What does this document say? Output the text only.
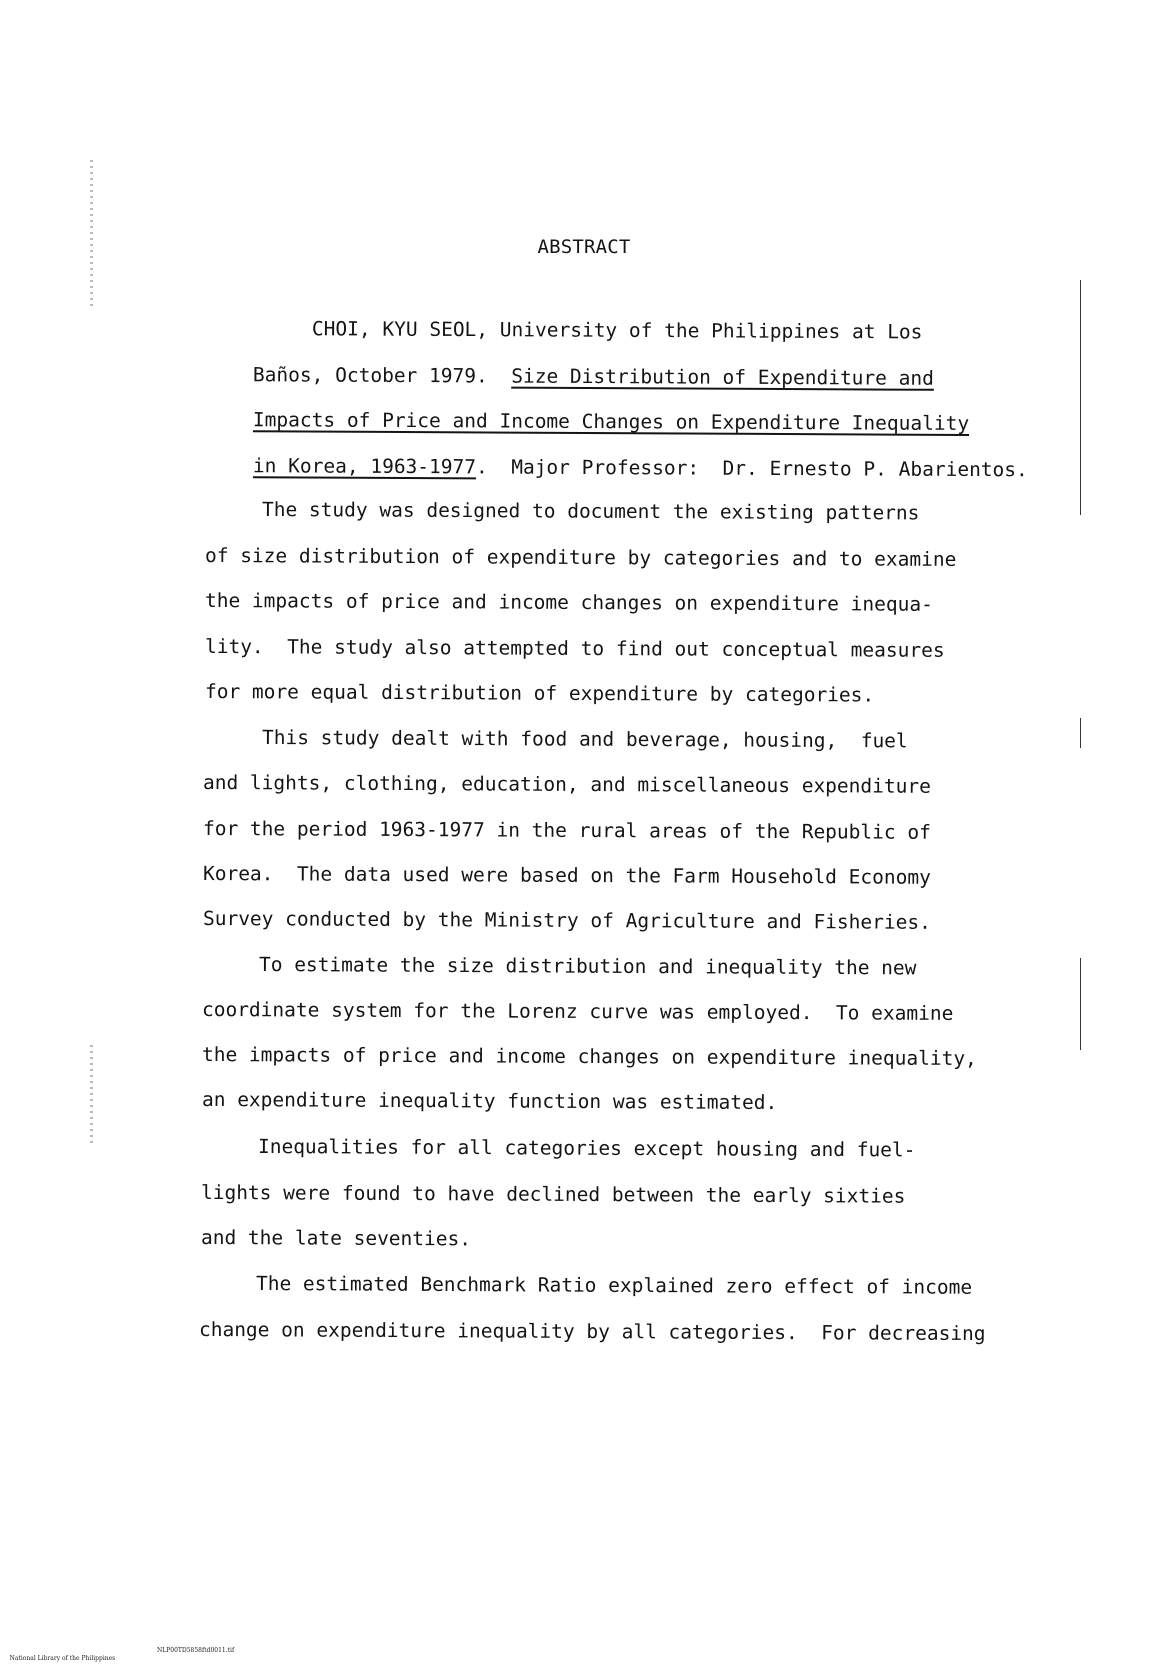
ABSTRACT

CHOI, KYU SEOL, University of the Philippines at Los

Baños, October 1979. Size Distribution of Expenditure and

Impacts of Price and Income Changes on Expenditure Inequality

in Korea, 1963-1977.  Major Professor:  Dr. Ernesto P. Abarientos.

The study was designed to document the existing patterns
of size distribution of expenditure by categories and to examine
the impacts of price and income changes on expenditure inequa-
lity.  The study also attempted to find out conceptual measures
for more equal distribution of expenditure by categories.
This study dealt with food and beverage, housing,  fuel
and lights, clothing, education, and miscellaneous expenditure
for the period 1963-1977 in the rural areas of the Republic of
Korea.  The data used were based on the Farm Household Economy
Survey conducted by the Ministry of Agriculture and Fisheries.
To estimate the size distribution and inequality the new
coordinate system for the Lorenz curve was employed.  To examine
the impacts of price and income changes on expenditure inequality,
an expenditure inequality function was estimated.
Inequalities for all categories except housing and fuel-
lights were found to have declined between the early sixties
and the late seventies.
The estimated Benchmark Ratio explained zero effect of income
change on expenditure inequality by all categories.  For decreasing

National Library of the Philippines

NLP00TD5858ftd0011.tif
